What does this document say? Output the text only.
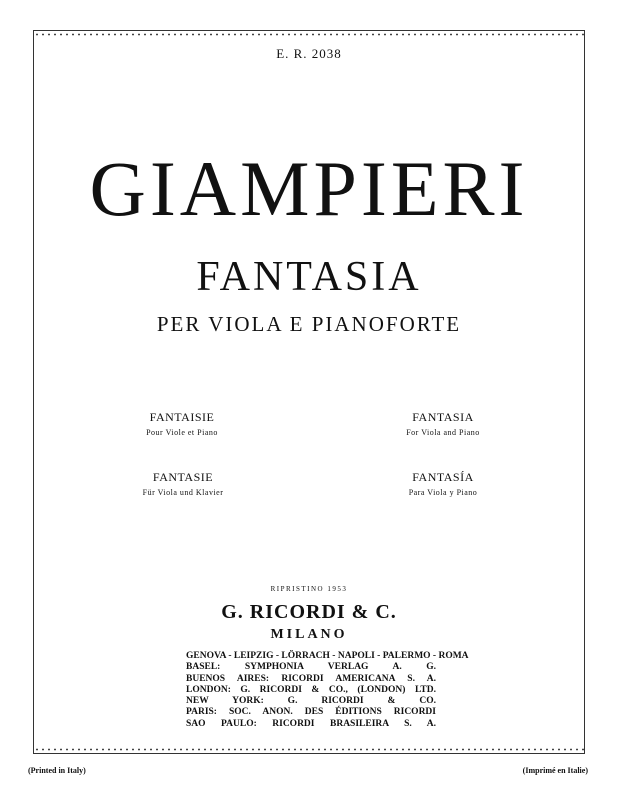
E. R. 2038
GIAMPIERI
FANTASIA
PER VIOLA E PIANOFORTE
FANTAISIE
Pour Viole et Piano
FANTASIA
For Viola and Piano
FANTASIE
Für Viola und Klavier
FANTASÍA
Para Viola y Piano
RIPRISTINO 1953
G. RICORDI & C.
MILANO
GENOVA - LEIPZIG - LÖRRACH - NAPOLI - PALERMO - ROMA
BASEL: SYMPHONIA VERLAG A. G.
BUENOS AIRES: RICORDI AMERICANA S. A.
LONDON: G. RICORDI & CO., (LONDON) LTD.
NEW YORK: G. RICORDI & CO.
PARIS: SOC. ANON. DES ÉDITIONS RICORDI
SAO PAULO: RICORDI BRASILEIRA S. A.
(Printed in Italy)	(Imprimé en Italie)
